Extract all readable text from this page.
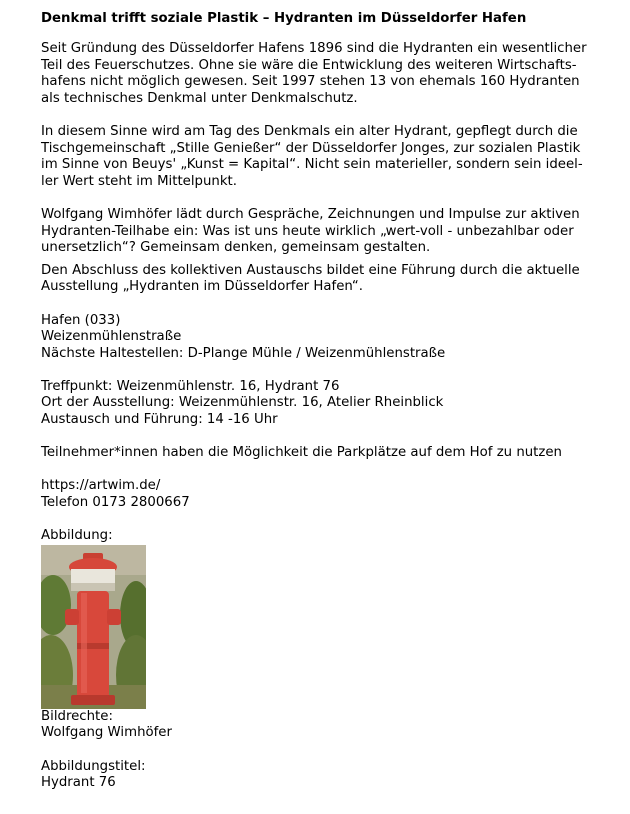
Denkmal trifft soziale Plastik – Hydranten im Düsseldorfer Hafen

Seit Gründung des Düsseldorfer Hafens 1896 sind die Hydranten ein wesentlicher

Teil des Feuerschutzes. Ohne sie wäre die Entwicklung des weiteren Wirtschafts-

hafens nicht möglich gewesen. Seit 1997 stehen 13 von ehemals 160 Hydranten

als technisches Denkmal unter Denkmalschutz.

In diesem Sinne wird am Tag des Denkmals ein alter Hydrant, gepflegt durch die

Tischgemeinschaft „Stille Genießer“ der Düsseldorfer Jonges, zur sozialen Plastik

im Sinne von Beuys' „Kunst = Kapital“. Nicht sein materieller, sondern sein ideel-

ler Wert steht im Mittelpunkt.

Wolfgang Wimhöfer lädt durch Gespräche, Zeichnungen und Impulse zur aktiven

Hydranten-Teilhabe ein: Was ist uns heute wirklich „wert-voll - unbezahlbar oder

unersetzlich“? Gemeinsam denken, gemeinsam gestalten.

Den Abschluss des kollektiven Austauschs bildet eine Führung durch die aktuelle

Ausstellung „Hydranten im Düsseldorfer Hafen“.

Hafen (033)

Weizenmühlenstraße

Nächste Haltestellen: D-Plange Mühle / Weizenmühlenstraße

Treffpunkt: Weizenmühlenstr. 16, Hydrant 76

Ort der Ausstellung: Weizenmühlenstr. 16, Atelier Rheinblick

Austausch und Führung: 14 -16 Uhr

Teilnehmer*innen haben die Möglichkeit die Parkplätze auf dem Hof zu nutzen

https://artwim.de/

Telefon 0173 2800667

Abbildung:

Bildrechte:

Wolfgang Wimhöfer

Abbildungstitel:

Hydrant 76
